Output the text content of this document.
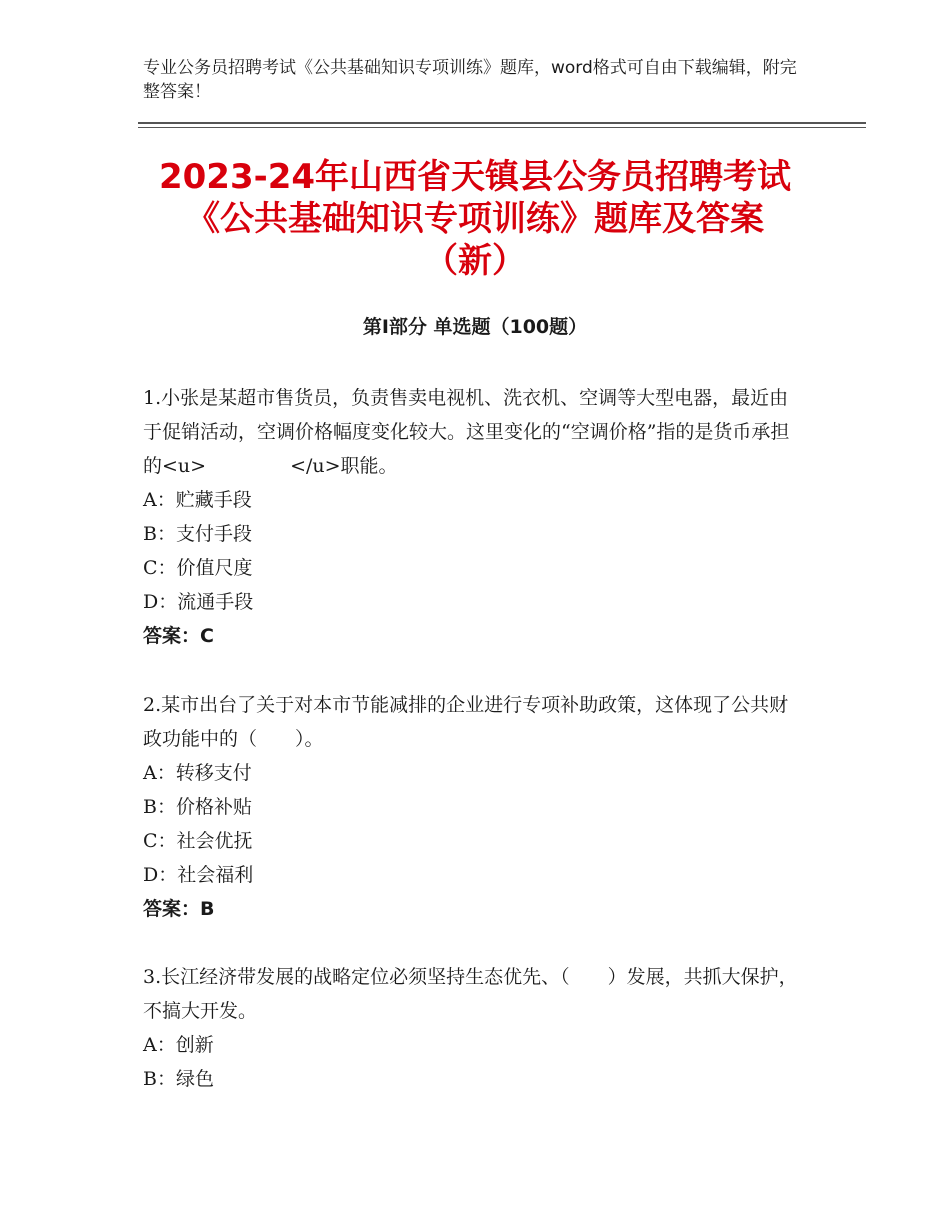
专业公务员招聘考试《公共基础知识专项训练》题库，word格式可自由下载编辑，附完整答案！
2023-24年山西省天镇县公务员招聘考试
《公共基础知识专项训练》题库及答案
（新）
第Ⅰ部分 单选题（100题）

1.小张是某超市售货员，负责售卖电视机、洗衣机、空调等大型电器，最近由于促销活动，空调价格幅度变化较大。这里变化的“空调价格”指的是货币承担的<u>	</u>职能。

A：贮藏手段

B：支付手段

C：价值尺度

D：流通手段

答案：C

2.某市出台了关于对本市节能减排的企业进行专项补助政策，这体现了公共财政功能中的（　　）。

A：转移支付

B：价格补贴

C：社会优抚

D：社会福利

答案：B

3.长江经济带发展的战略定位必须坚持生态优先、（　　）发展，共抓大保护，不搞大开发。

A：创新

B：绿色
